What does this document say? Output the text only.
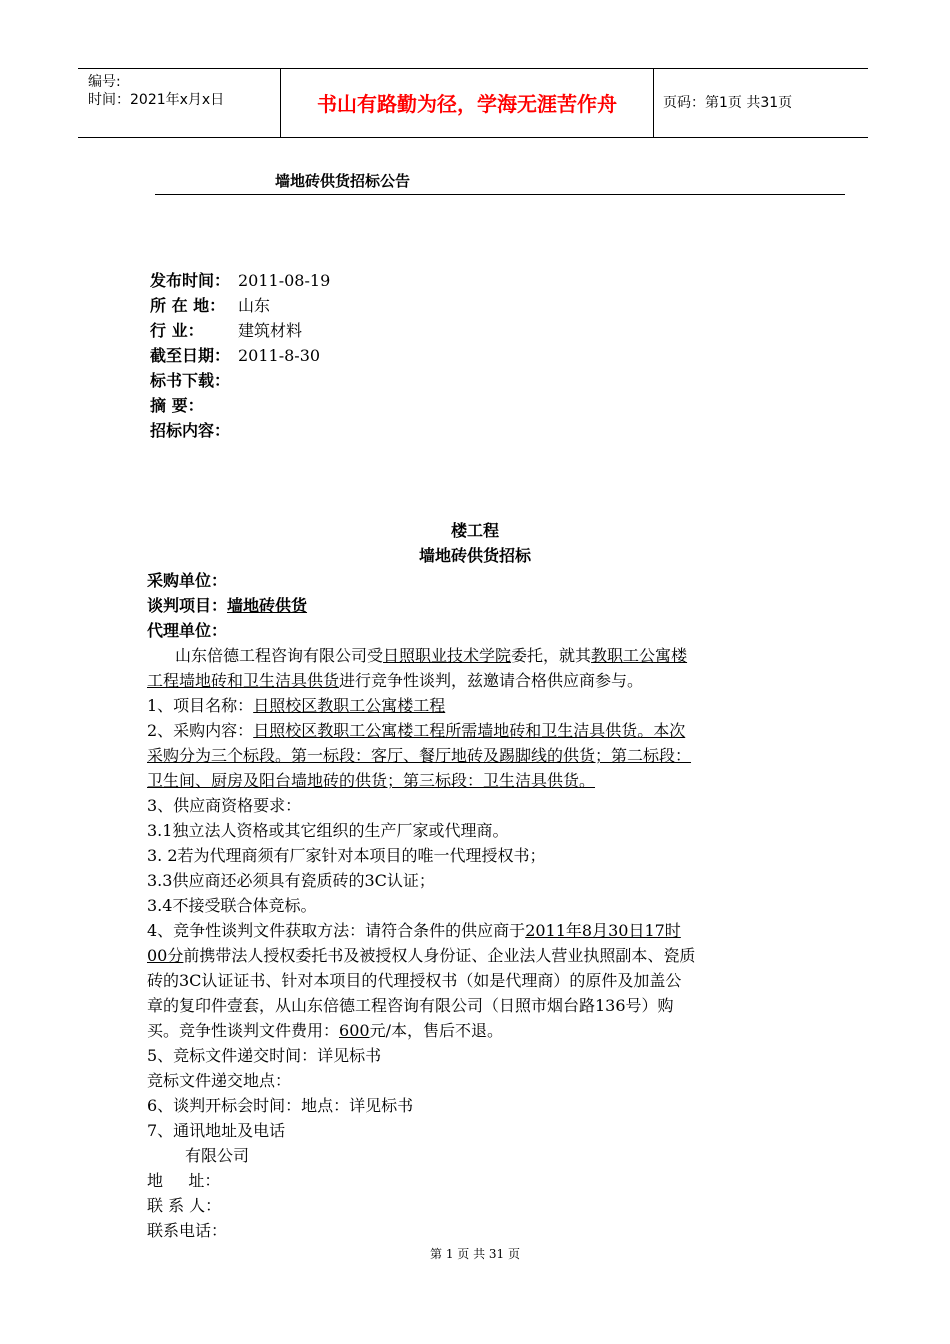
编号:
时间：2021年x月x日	书山有路勤为径，学海无涯苦作舟	页码：第1页 共31页
墙地砖供货招标公告
发布时间： 2011-08-19
所 在 地： 山东
行 业： 建筑材料
截至日期： 2011-8-30
标书下载：
摘 要：
招标内容：
楼工程
墙地砖供货招标
采购单位：
谈判项目：墙地砖供货
代理单位：
山东倍德工程咨询有限公司受日照职业技术学院委托，就其教职工公寓楼
工程墙地砖和卫生洁具供货进行竞争性谈判，兹邀请合格供应商参与。
1、项目名称：日照校区教职工公寓楼工程
2、采购内容：日照校区教职工公寓楼工程所需墙地砖和卫生洁具供货。本次
采购分为三个标段。第一标段：客厅、餐厅地砖及踢脚线的供货；第二标段：
卫生间、厨房及阳台墙地砖的供货；第三标段：卫生洁具供货。
3、供应商资格要求：
3.1独立法人资格或其它组织的生产厂家或代理商。
3. 2若为代理商须有厂家针对本项目的唯一代理授权书；
3.3供应商还必须具有瓷质砖的3C认证；
3.4不接受联合体竞标。
4、竞争性谈判文件获取方法：请符合条件的供应商于2011年8月30日17时
00分前携带法人授权委托书及被授权人身份证、企业法人营业执照副本、瓷质
砖的3C认证证书、针对本项目的代理授权书（如是代理商）的原件及加盖公
章的复印件壹套，从山东倍德工程咨询有限公司（日照市烟台路136号）购
买。竞争性谈判文件费用：600元/本，售后不退。
5、竞标文件递交时间：详见标书
竞标文件递交地点：
6、谈判开标会时间：地点：详见标书
7、通讯地址及电话
有限公司
地     址：
联 系 人：
联系电话：
第 1 页 共 31 页
